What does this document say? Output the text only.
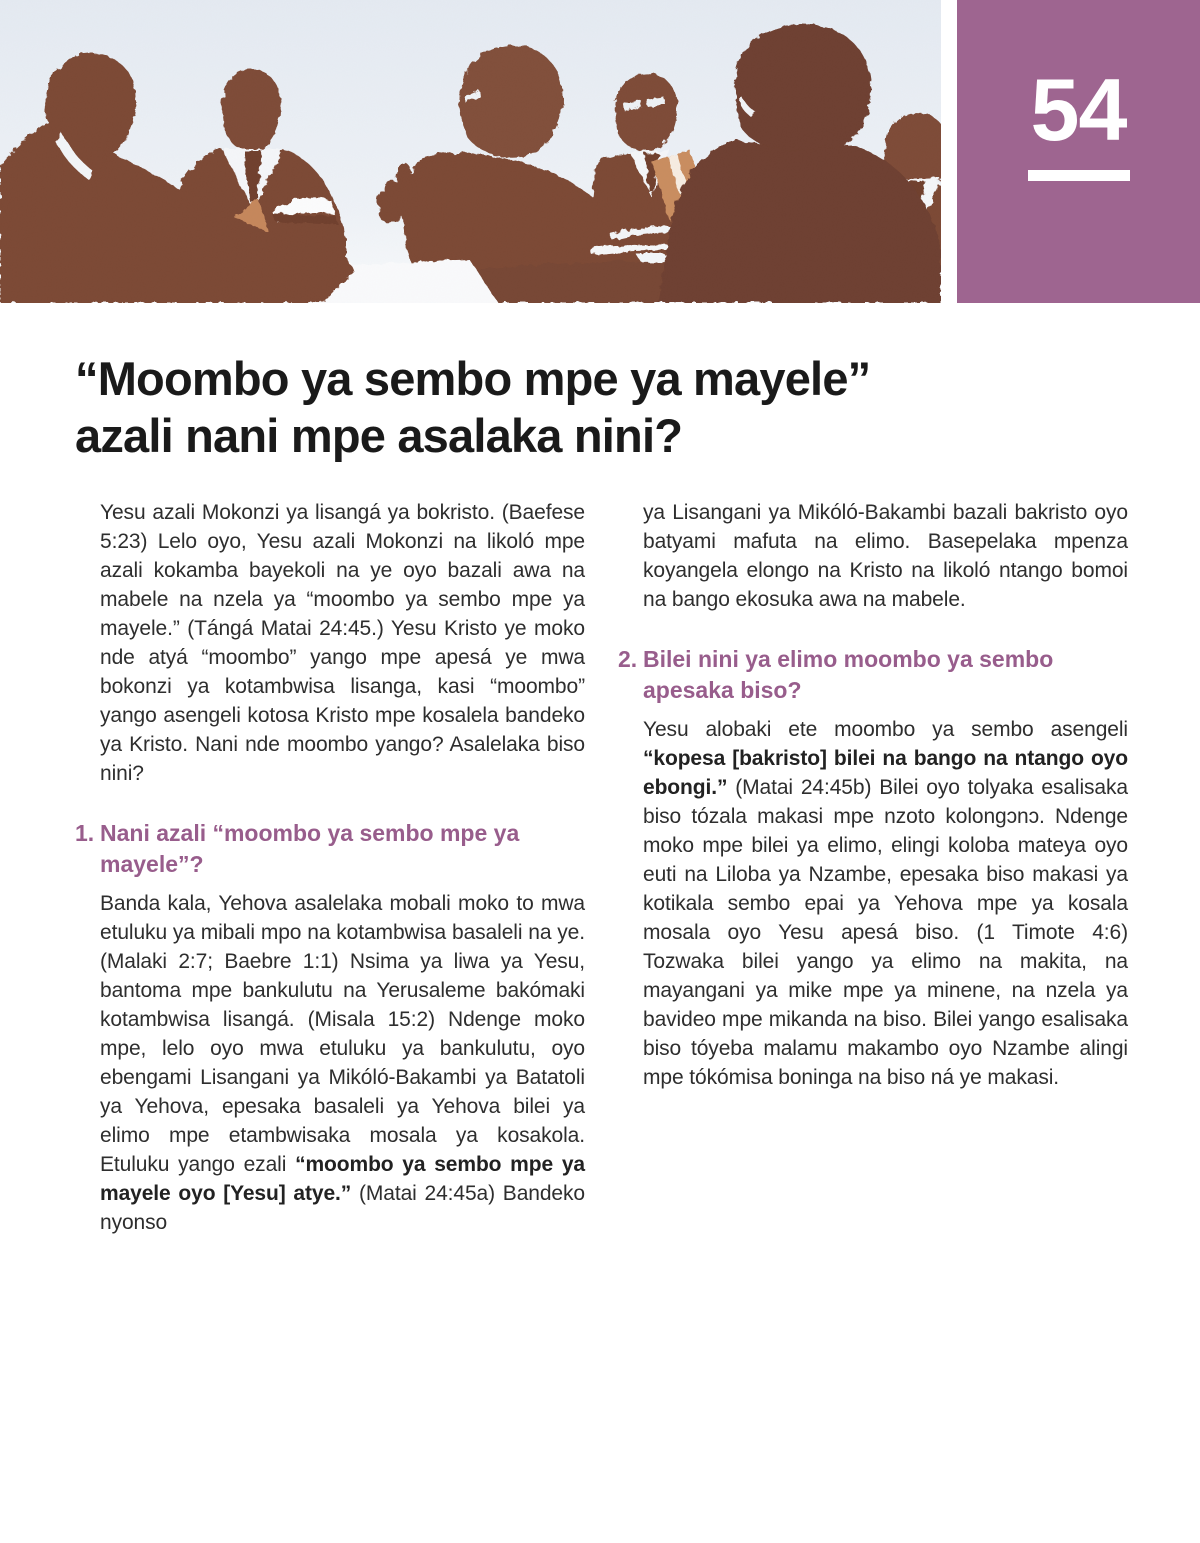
54
“Moombo ya sembo mpe ya mayele”
azali nani mpe asalaka nini?

Yesu azali Mokonzi ya lisangá ya bokristo. (Baefese 5:23) Lelo oyo, Yesu azali Mokonzi na likoló mpe azali kokamba bayekoli na ye oyo bazali awa na mabele na nzela ya “moombo ya sembo mpe ya mayele.” (Tángá Matai 24:45.) Yesu Kristo ye moko nde atyá “moombo” yango mpe apesá ye mwa bokonzi ya kotambwisa lisanga, kasi “moombo” yango asengeli kotosa Kristo mpe kosalela bandeko ya Kristo. Nani nde moombo yango? Asalelaka biso nini?

1. Nani azali “moombo ya sembo mpe ya mayele”?

Banda kala, Yehova asalelaka mobali moko to mwa etuluku ya mibali mpo na kotambwisa basaleli na ye. (Malaki 2:7; Baebre 1:1) Nsima ya liwa ya Yesu, bantoma mpe bankulutu na Yerusaleme bakómaki kotambwisa lisangá. (Misala 15:2) Ndenge moko mpe, lelo oyo mwa etuluku ya bankulutu, oyo ebengami Lisangani ya Mikóló-Bakambi ya Batatoli ya Yehova, epesaka basaleli ya Yehova bilei ya elimo mpe etambwisaka mosala ya kosakola. Etuluku yango ezali “moombo ya sembo mpe ya mayele oyo [Yesu] atye.” (Matai 24:45a) Bandeko nyonso

ya Lisangani ya Mikóló-Bakambi bazali bakristo oyo batyami mafuta na elimo. Basepelaka mpenza koyangela elongo na Kristo na likoló ntango bomoi na bango ekosuka awa na mabele.

2. Bilei nini ya elimo moombo ya sembo apesaka biso?

Yesu alobaki ete moombo ya sembo asengeli “kopesa [bakristo] bilei na bango na ntango oyo ebongi.” (Matai 24:45b) Bilei oyo tolyaka esalisaka biso tózala makasi mpe nzoto kolongɔnɔ. Ndenge moko mpe bilei ya elimo, elingi koloba mateya oyo euti na Liloba ya Nzambe, epesaka biso makasi ya kotikala sembo epai ya Yehova mpe ya kosala mosala oyo Yesu apesá biso. (1 Timote 4:6) Tozwaka bilei yango ya elimo na makita, na mayangani ya mike mpe ya minene, na nzela ya bavideo mpe mikanda na biso. Bilei yango esalisaka biso tóyeba malamu makambo oyo Nzambe alingi mpe tókómisa boninga na biso ná ye makasi.
